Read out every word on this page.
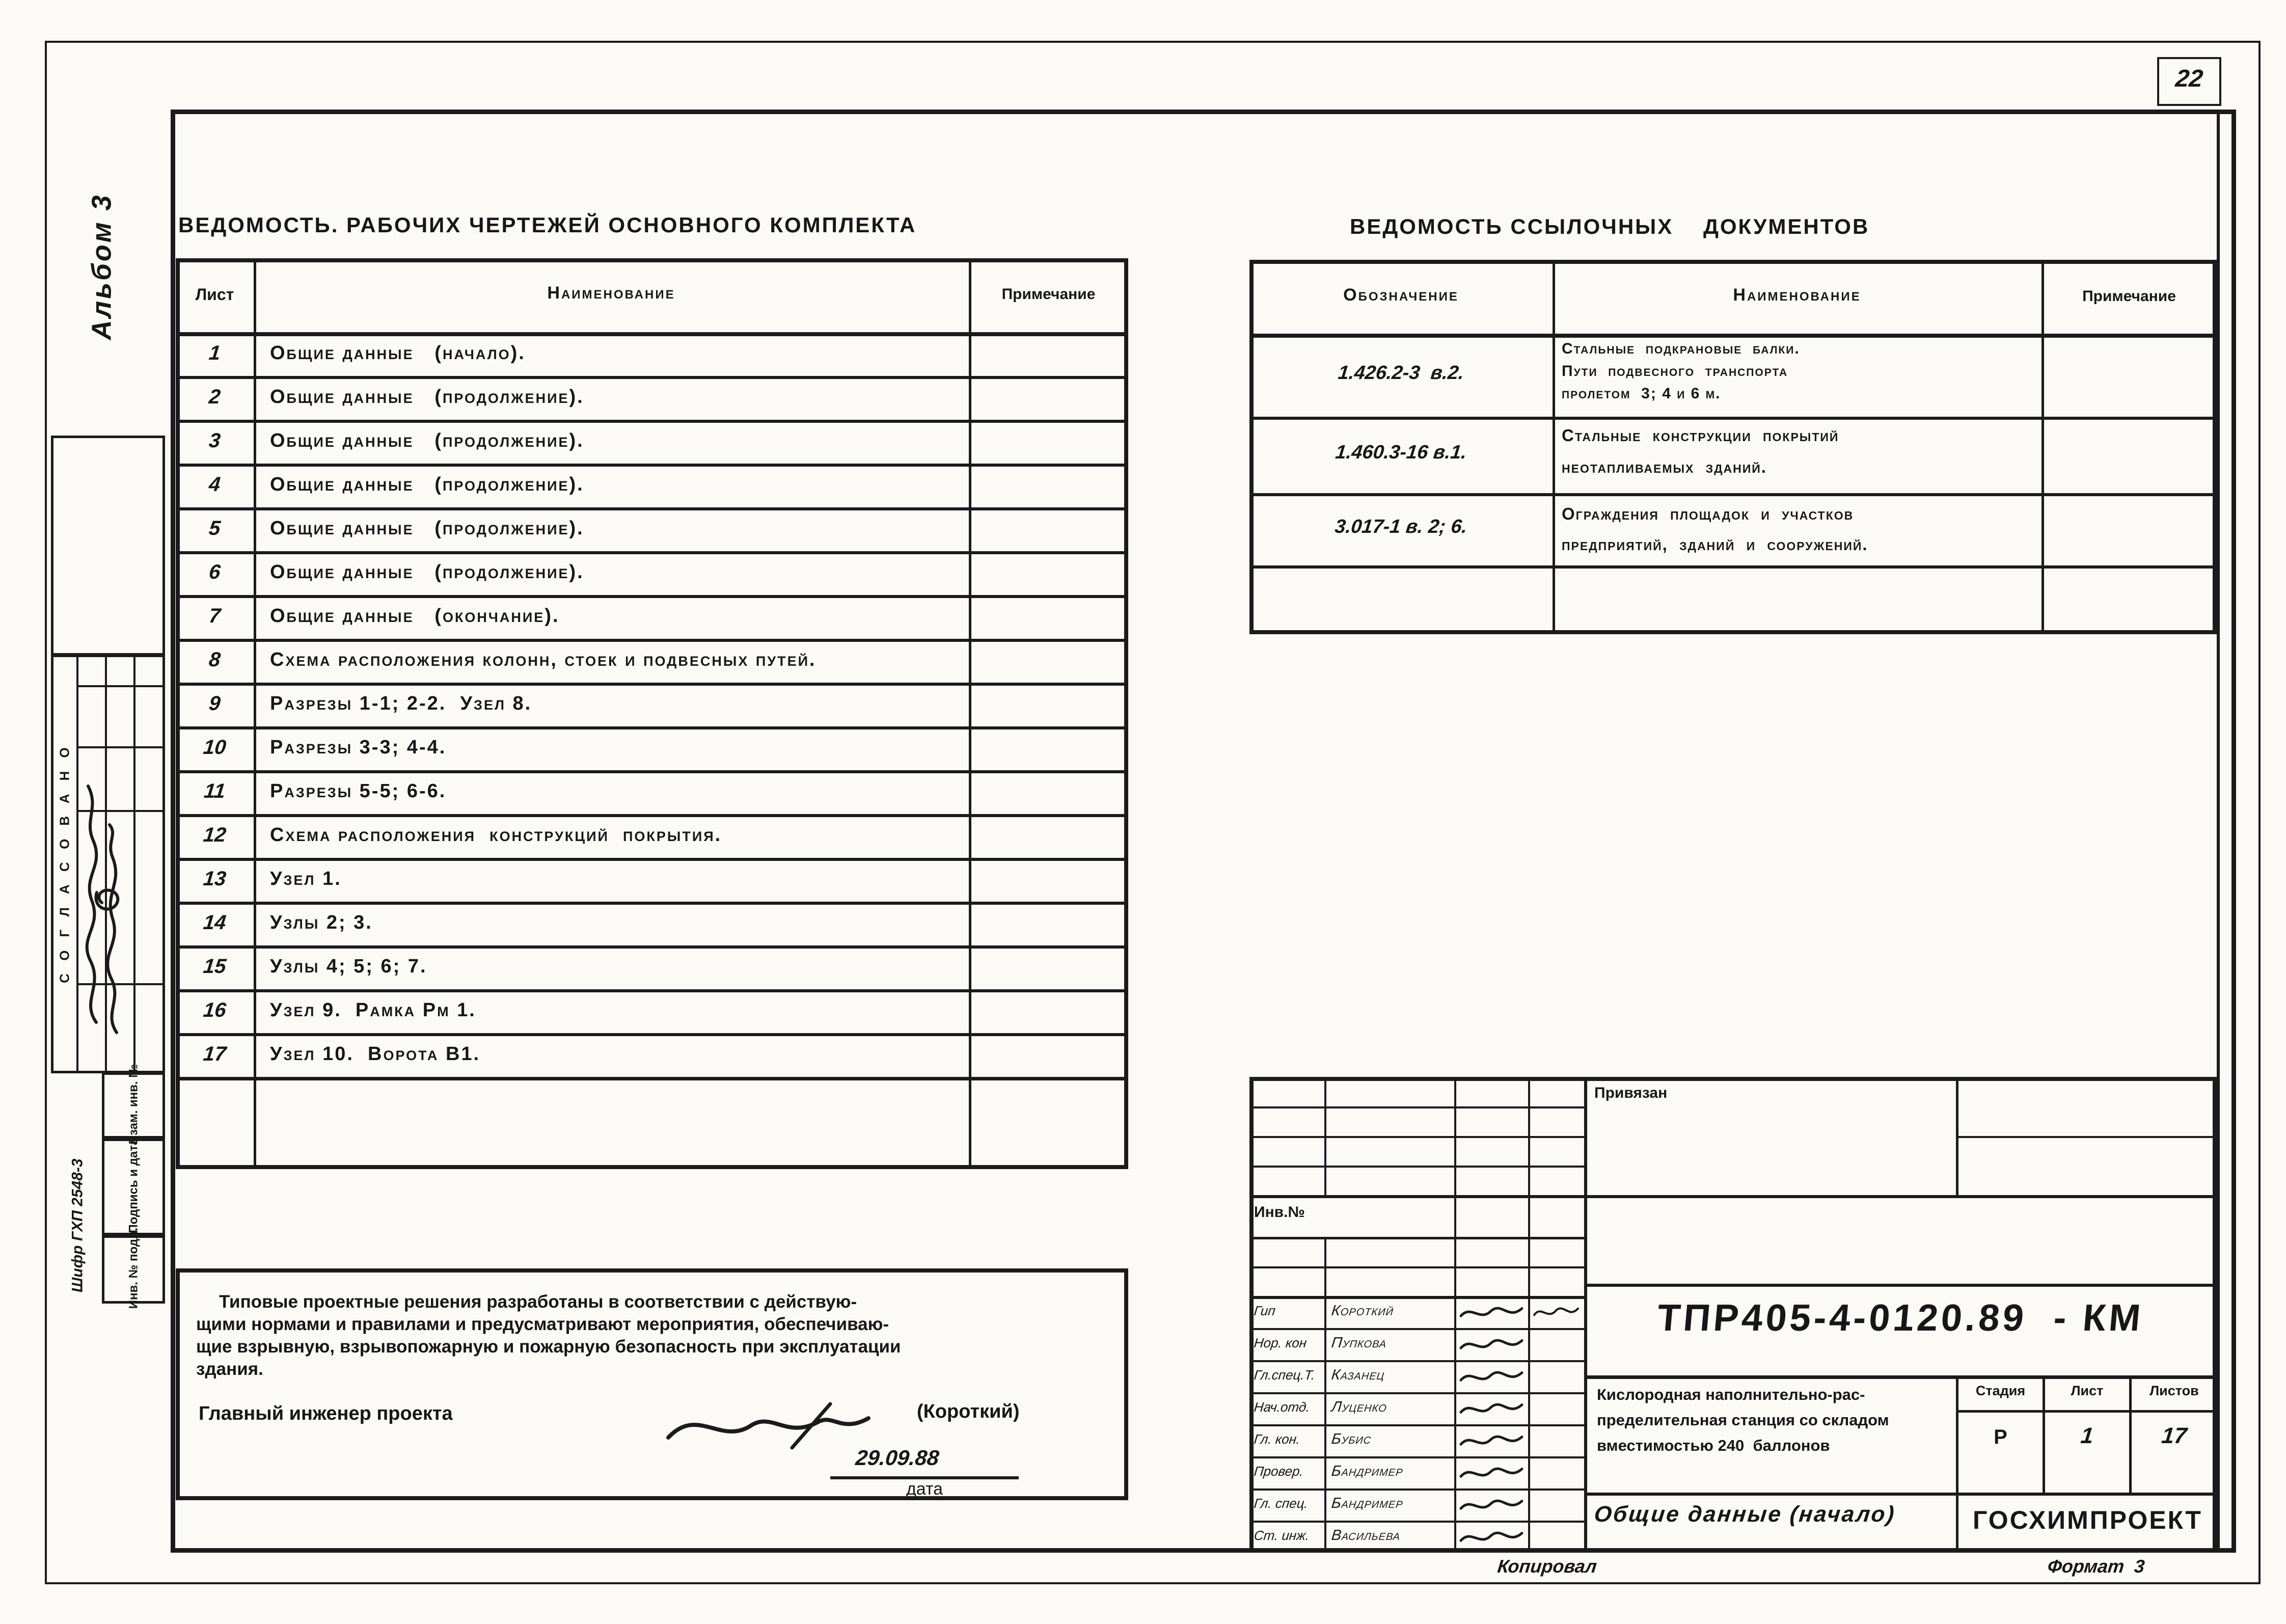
22
Альбом 3
СОГЛАСОВАНО
Взам. инв. №
Подпись и дата
Инв. № подл.
Шифр ГХП 2548-3
ВЕДОМОСТЬ. РАБОЧИХ ЧЕРТЕЖЕЙ ОСНОВНОГО КОМПЛЕКТА	ВЕДОМОСТЬ ССЫЛОЧНЫХ    ДОКУМЕНТОВ
Лист	Наименование	Примечание
1	Общие данные   (начало).
2	Общие данные   (продолжение).
3	Общие данные   (продолжение).
4	Общие данные   (продолжение).
5	Общие данные   (продолжение).
6	Общие данные   (продолжение).
7	Общие данные   (окончание).
8	Схема расположения колонн, стоек и подвесных путей.
9	Разрезы 1-1; 2-2.  Узел 8.
10	Разрезы 3-3; 4-4.
11	Разрезы 5-5; 6-6.
12	Схема расположения  конструкций  покрытия.
13	Узел 1.
14	Узлы 2; 3.
15	Узлы 4; 5; 6; 7.
16	Узел 9.  Рамка Рм 1.
17	Узел 10.  Ворота В1.
Обозначение	Наименование	Примечание
1.426.2-3  в.2.
Стальные  подкрановые  балки.
Пути  подвесного  транспорта
пролетом  3; 4 и 6 м.
1.460.3-16 в.1.
Стальные  конструкции  покрытий
неотапливаемых  зданий.
3.017-1 в. 2; 6.
Ограждения  площадок  и  участков
предприятий,  зданий  и  сооружений.
Типовые проектные решения разработаны в соответствии с действую-
щими нормами и правилами и предусматривают мероприятия, обеспечиваю-
щие взрывную, взрывопожарную и пожарную безопасность при эксплуатации
здания.
Главный инженер проекта	(Короткий)
29.09.88
дата
Привязан
Инв.№
ТПР405-4-0120.89  - КМ
Кислородная наполнительно-рас-
пределительная станция со складом
вместимостью 240  баллонов
Стадия	Лист	Листов
Р	1	17
Общие данные (начало)	ГОСХИМПРОЕКТ
Гип	Короткий
Нор. кон	Пупкова
Гл.спец.Т.	Казанец
Нач.отд.	Луценко
Гл. кон.	Бубис
Провер.	Бандример
Гл. спец.	Бандример
Ст. инж.	Васильева
Копировал	Формат  3
